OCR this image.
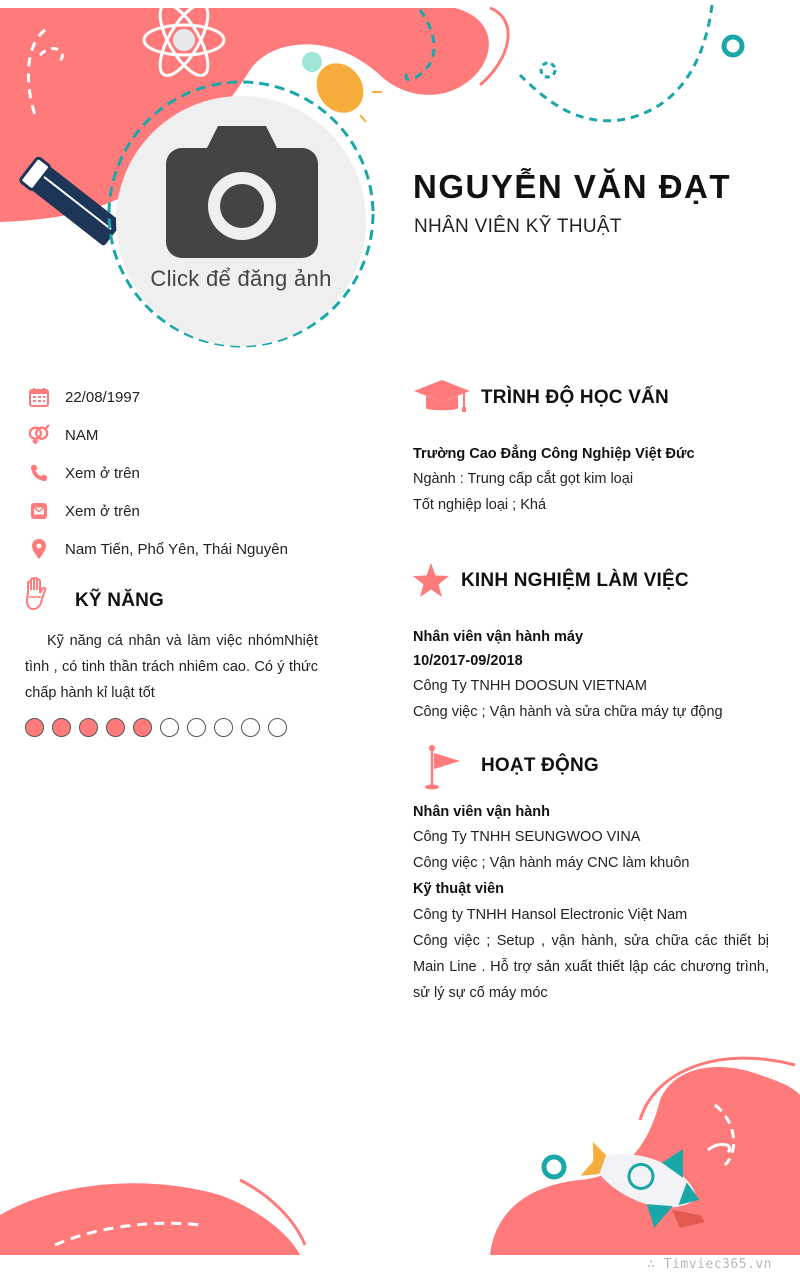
Click để đăng ảnh
NGUYỄN VĂN ĐẠT
NHÂN VIÊN KỸ THUẬT
22/08/1997
NAM
Xem ở trên
Xem ở trên
Nam Tiến, Phổ Yên, Thái Nguyên
KỸ NĂNG
Kỹ năng cá nhân và làm việc nhómNhiệt tình , có tinh thần trách nhiêm cao. Có ý thức chấp hành kỉ luật tốt
TRÌNH ĐỘ HỌC VẤN
Trường Cao Đẳng Công Nghiệp Việt Đức
Ngành : Trung cấp cắt gọt kim loại
Tốt nghiệp loại ; Khá
KINH NGHIỆM LÀM VIỆC
Nhân viên vận hành máy
10/2017-09/2018
Công Ty TNHH DOOSUN VIETNAM
Công việc ; Vận hành và sửa chữa máy tự động
HOẠT ĐỘNG
Nhân viên vận hành
Công Ty TNHH SEUNGWOO VINA
Công việc ; Vận hành máy CNC làm khuôn
Kỹ thuật viên
Công ty TNHH Hansol Electronic Việt Nam
Công việc ; Setup , vận hành, sửa chữa các thiết bị Main Line . Hỗ trợ sản xuất thiết lập các chương trình, sử lý sự cố máy móc
∴ Timviec365.vn
